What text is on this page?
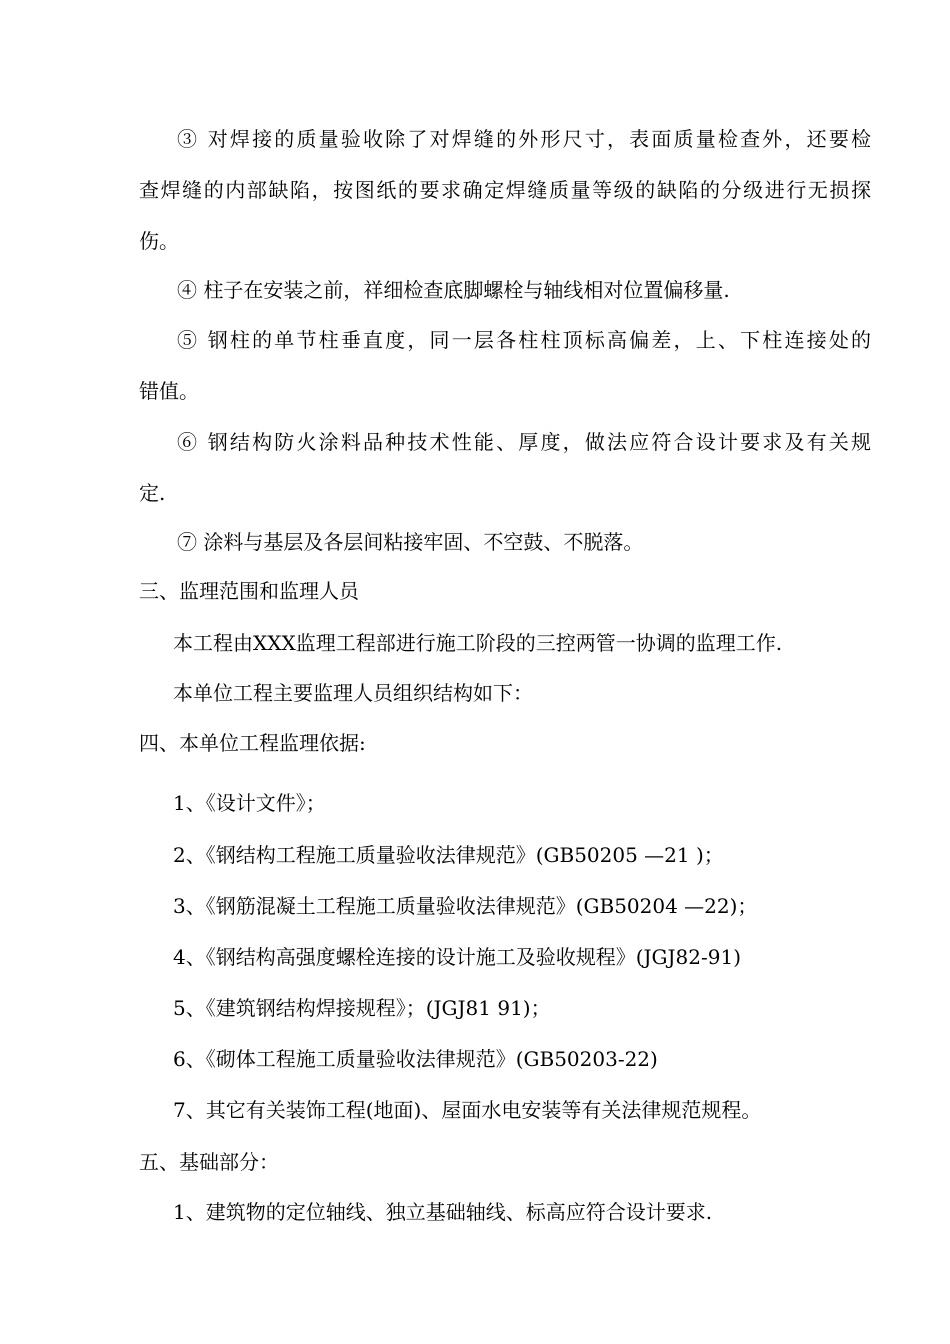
③ 对焊接的质量验收除了对焊缝的外形尺寸，表面质量检查外，还要检
查焊缝的内部缺陷，按图纸的要求确定焊缝质量等级的缺陷的分级进行无损探
伤。
④ 柱子在安装之前，祥细检查底脚螺栓与轴线相对位置偏移量.
⑤ 钢柱的单节柱垂直度，同一层各柱柱顶标高偏差，上、下柱连接处的
错值。
⑥ 钢结构防火涂料品种技术性能、厚度，做法应符合设计要求及有关规
定.
⑦ 涂料与基层及各层间粘接牢固、不空鼓、不脱落。
三、监理范围和监理人员
本工程由XXX监理工程部进行施工阶段的三控两管一协调的监理工作.
本单位工程主要监理人员组织结构如下：
四、本单位工程监理依据:
1、《设计文件》；
2、《钢结构工程施工质量验收法律规范》(GB50205 —21 )；
3、《钢筋混凝土工程施工质量验收法律规范》(GB50204 —22)；
4、《钢结构高强度螺栓连接的设计施工及验收规程》(JGJ82-91)
5、《建筑钢结构焊接规程》；(JGJ81 91)；
6、《砌体工程施工质量验收法律规范》(GB50203-22)
7、其它有关装饰工程(地面)、屋面水电安装等有关法律规范规程。
五、基础部分：
1、建筑物的定位轴线、独立基础轴线、标高应符合设计要求.
